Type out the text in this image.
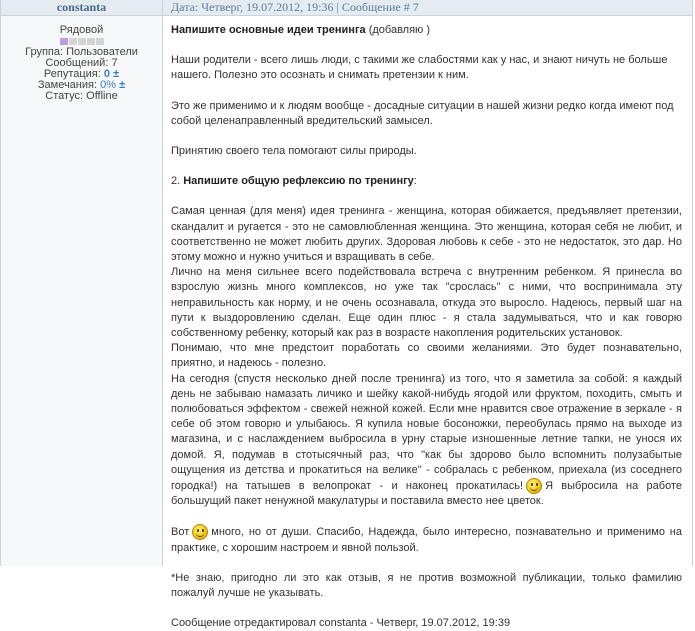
constanta	Дата: Четверг, 19.07.2012, 19:36 | Сообщение # 7
Рядовой
Группа: Пользователи
Сообщений: 7
Репутация: 0 ±
Замечания: 0% ±
Статус: Offline

Напишите основные идеи тренинга (добавляю )

Наши родители - всего лишь люди, с такими же слабостями как у нас, и знают ничуть не больше нашего. Полезно это осознать и снимать претензии к ним.

Это же применимо и к людям вообще - досадные ситуации в нашей жизни редко когда имеют под собой целенаправленный вредительский замысел.

Принятию своего тела помогают силы природы.

2. Напишите общую рефлексию по тренингу:

Самая ценная (для меня) идея тренинга - женщина, которая обижается, предъявляет претензии, скандалит и ругается - это не самовлюбленная женщина. Это женщина, которая себя не любит, и соответственно не может любить других. Здоровая любовь к себе - это не недостаток, это дар. Но этому можно и нужно учиться и взращивать в себе.

Лично на меня сильнее всего подействовала встреча с внутренним ребенком. Я принесла во взрослую жизнь много комплексов, но уже так "срослась" с ними, что воспринимала эту неправильность как норму, и не очень осознавала, откуда это выросло. Надеюсь, первый шаг на пути к выздоровлению сделан. Еще один плюс - я стала задумываться, что и как говорю собственному ребенку, который как раз в возрасте накопления родительских установок.

Понимаю, что мне предстоит поработать со своими желаниями. Это будет познавательно, приятно, и надеюсь - полезно.

На сегодня (спустя несколько дней после тренинга) из того, что я заметила за собой: я каждый день не забываю намазать личико и шейку какой-нибудь ягодой или фруктом, походить, смыть и полюбоваться эффектом - свежей нежной кожей. Если мне нравится свое отражение в зеркале - я себе об этом говорю и улыбаюсь. Я купила новые босоножки, переобулась прямо на выходе из магазина, и с наслаждением выбросила в урну старые изношенные летние тапки, не унося их домой. Я, подумав в стотысячный раз, что "как бы здорово было вспомнить полузабытые ощущения из детства и прокатиться на велике" - собралась с ребенком, приехала (из соседнего городка!) на татышев в велопрокат - и наконец прокатилась! Я выбросила на работе большущий пакет ненужной макулатуры и поставила вместо нее цветок.

Вот много, но от души. Спасибо, Надежда, было интересно, познавательно и применимо на практике, с хорошим настроем и явной пользой.

*Не знаю, пригодно ли это как отзыв, я не против возможной публикации, только фамилию пожалуй лучше не указывать.

Сообщение отредактировал constanta - Четверг, 19.07.2012, 19:39
